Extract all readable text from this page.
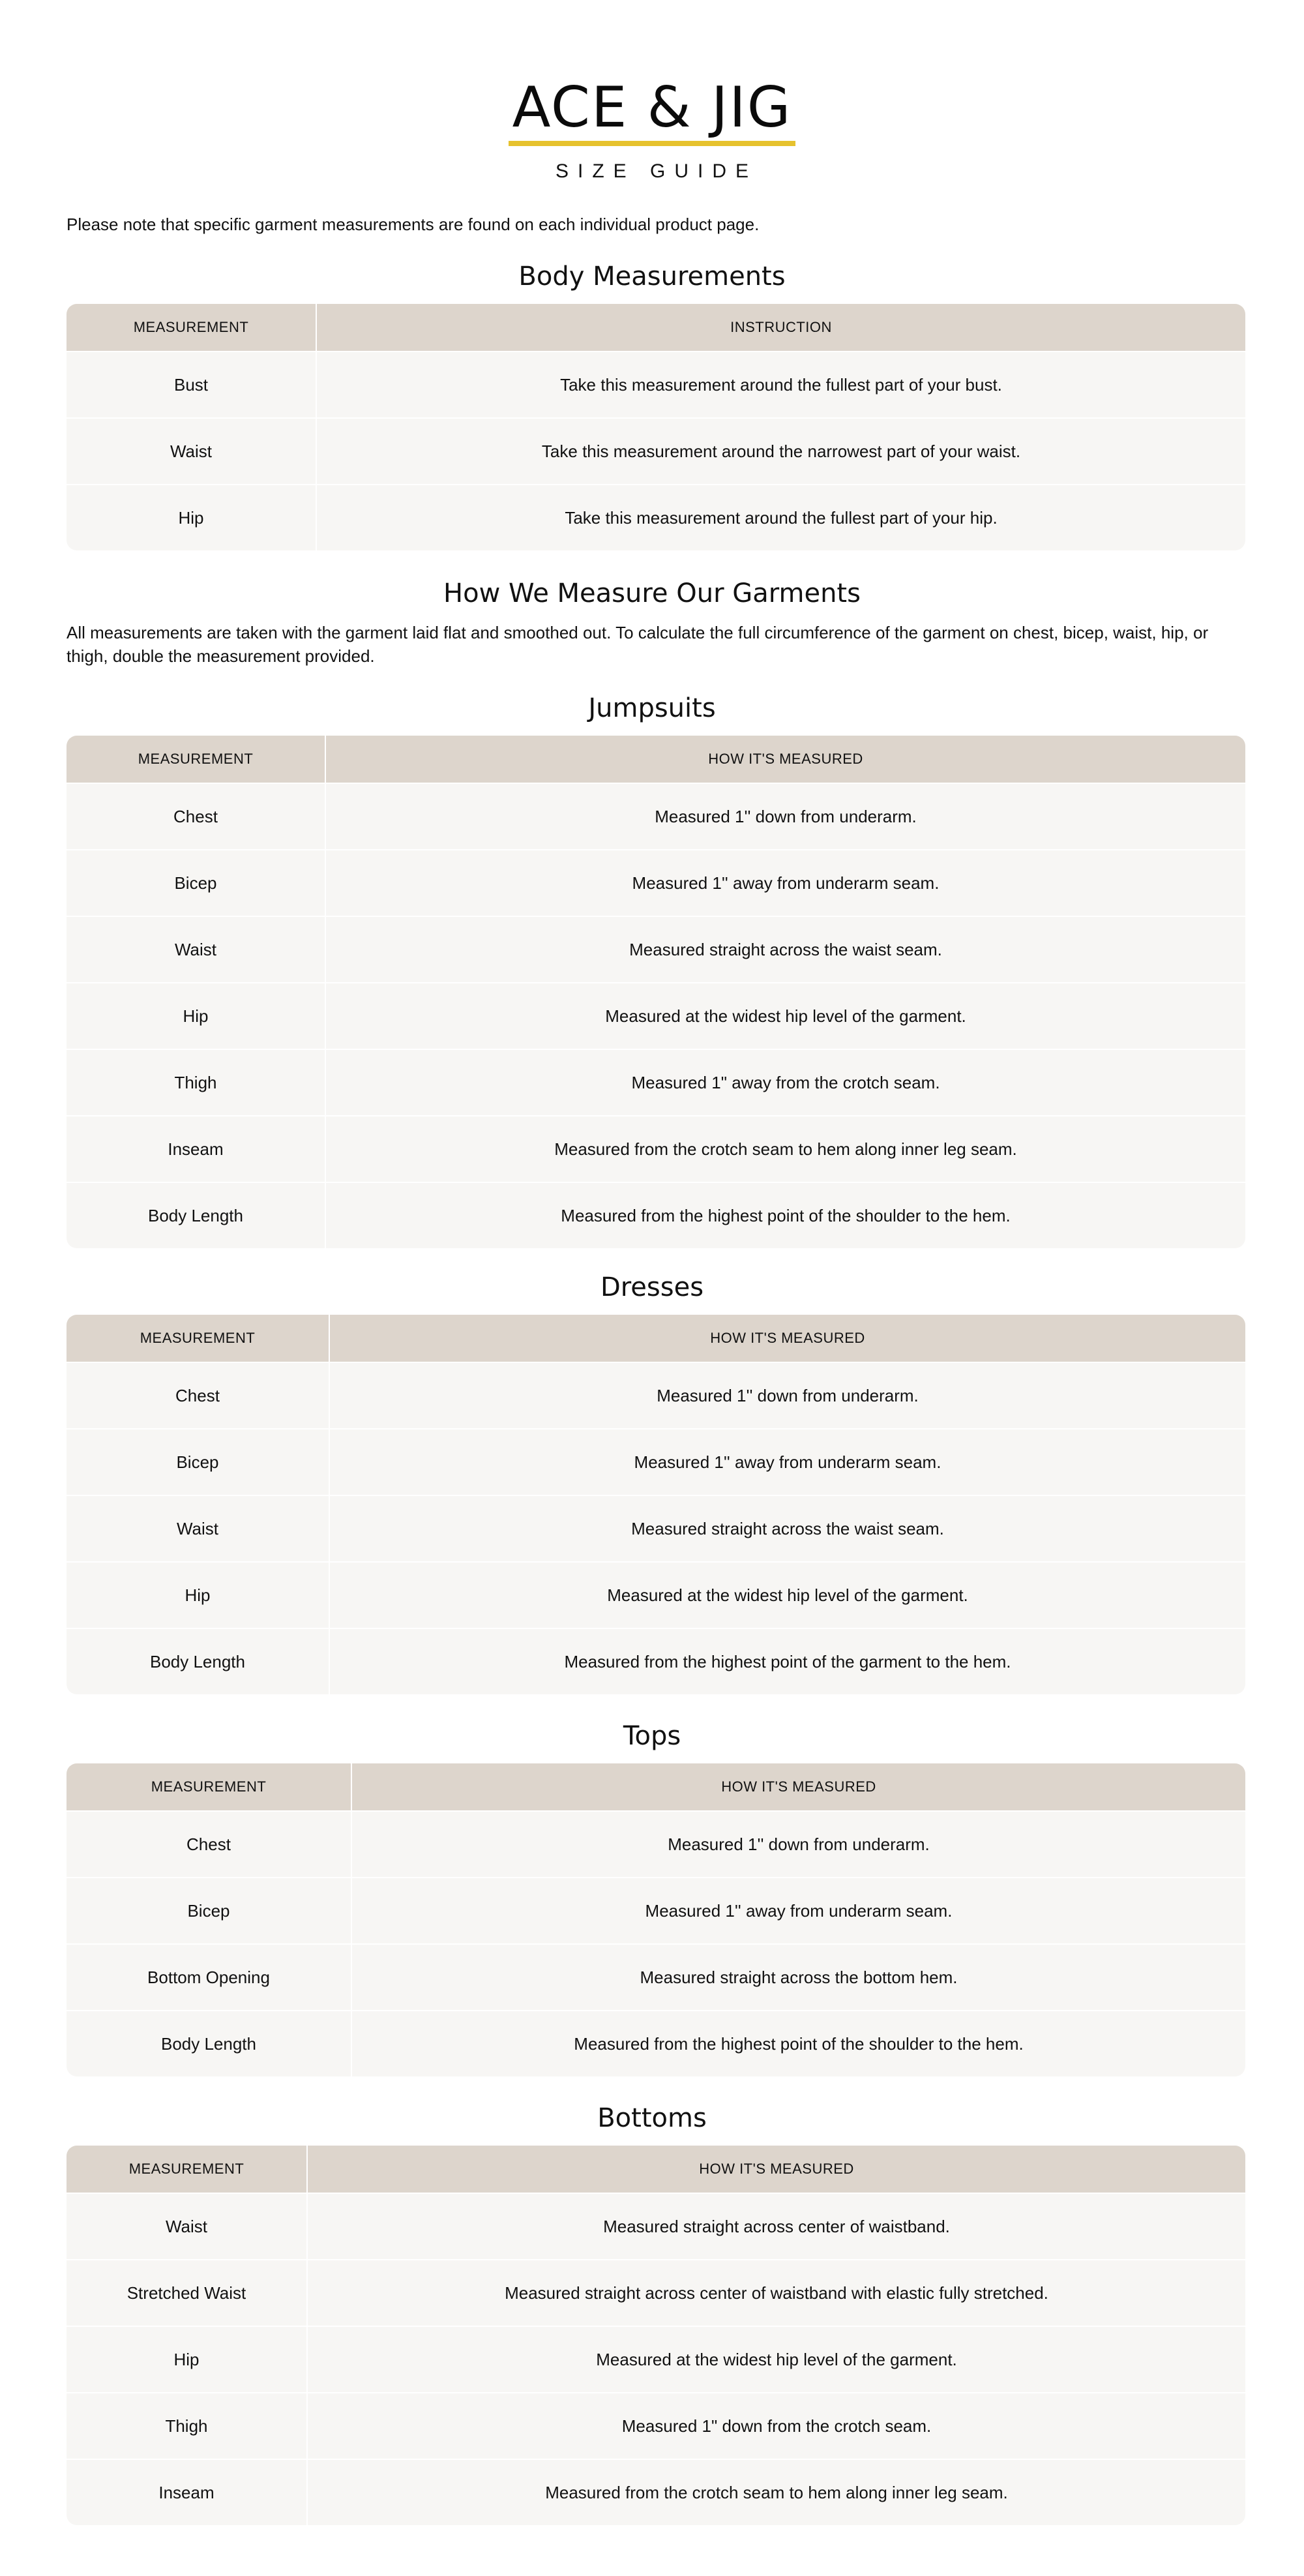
ACE & JIG
SIZE GUIDE
Please note that specific garment measurements are found on each individual product page.
Body Measurements
MEASUREMENT	INSTRUCTION
Bust	Take this measurement around the fullest part of your bust.
Waist	Take this measurement around the narrowest part of your waist.
Hip	Take this measurement around the fullest part of your hip.
How We Measure Our Garments
All measurements are taken with the garment laid flat and smoothed out. To calculate the full circumference of the garment on chest, bicep, waist, hip, or thigh, double the measurement provided.
Jumpsuits
MEASUREMENT	HOW IT'S MEASURED
Chest	Measured 1'' down from underarm.
Bicep	Measured 1'' away from underarm seam.
Waist	Measured straight across the waist seam.
Hip	Measured at the widest hip level of the garment.
Thigh	Measured 1" away from the crotch seam.
Inseam	Measured from the crotch seam to hem along inner leg seam.
Body Length	Measured from the highest point of the shoulder to the hem.
Dresses
MEASUREMENT	HOW IT'S MEASURED
Chest	Measured 1'' down from underarm.
Bicep	Measured 1'' away from underarm seam.
Waist	Measured straight across the waist seam.
Hip	Measured at the widest hip level of the garment.
Body Length	Measured from the highest point of the garment to the hem.
Tops
MEASUREMENT	HOW IT'S MEASURED
Chest	Measured 1'' down from underarm.
Bicep	Measured 1'' away from underarm seam.
Bottom Opening	Measured straight across the bottom hem.
Body Length	Measured from the highest point of the shoulder to the hem.
Bottoms
MEASUREMENT	HOW IT'S MEASURED
Waist	Measured straight across center of waistband.
Stretched Waist	Measured straight across center of waistband with elastic fully stretched.
Hip	Measured at the widest hip level of the garment.
Thigh	Measured 1" down from the crotch seam.
Inseam	Measured from the crotch seam to hem along inner leg seam.
